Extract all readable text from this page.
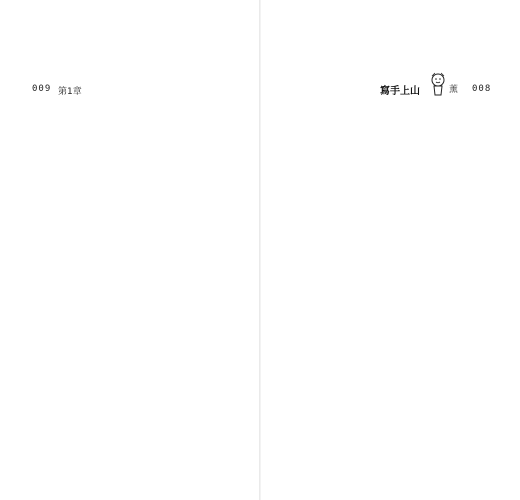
009 第1章	寫手上山	薰 008
